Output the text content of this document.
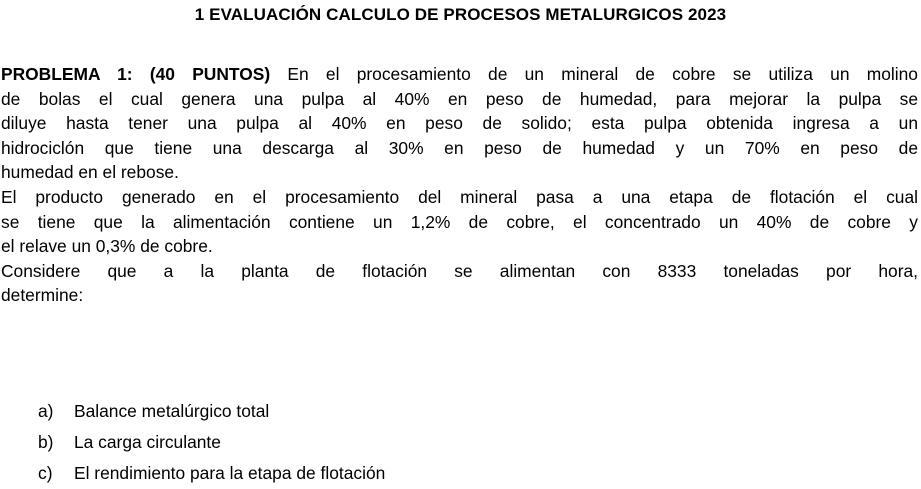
1 EVALUACIÓN CALCULO DE PROCESOS METALURGICOS 2023
PROBLEMA 1: (40 PUNTOS) En el procesamiento de un mineral de cobre se utiliza un molino
de bolas el cual genera una pulpa al 40% en peso de humedad, para mejorar la pulpa se
diluye hasta tener una pulpa al 40% en peso de solido; esta pulpa obtenida ingresa a un
hidrociclón que tiene una descarga al 30% en peso de humedad y un 70% en peso de
humedad en el rebose.
El producto generado en el procesamiento del mineral pasa a una etapa de flotación el cual
se tiene que la alimentación contiene un 1,2% de cobre, el concentrado un 40% de cobre y
el relave un 0,3% de cobre.
Considere que a la planta de flotación se alimentan con 8333 toneladas por hora,
determine:
a) Balance metalúrgico total
b) La carga circulante
c) El rendimiento para la etapa de flotación
